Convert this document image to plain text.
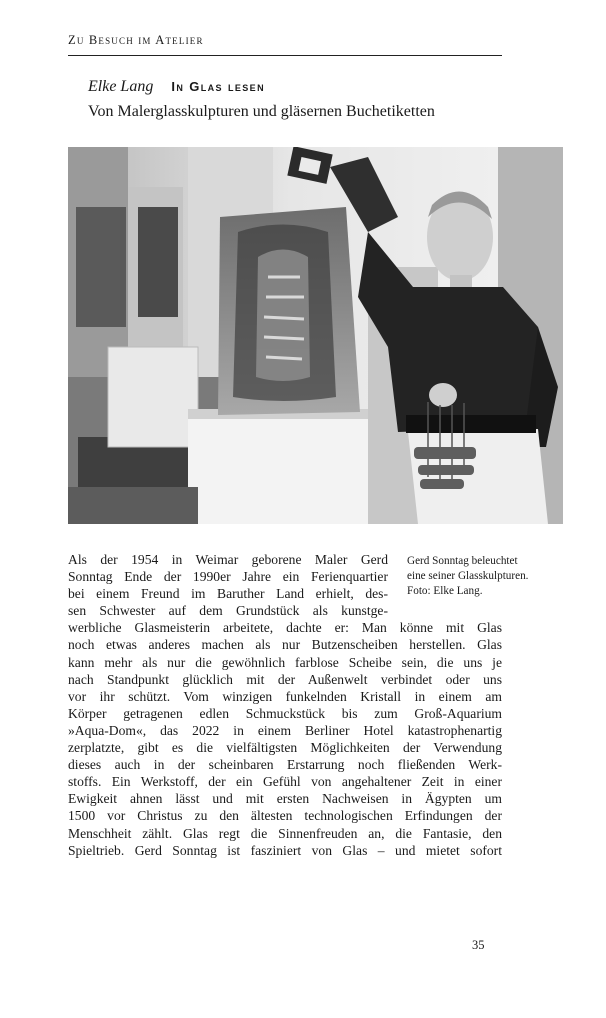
Zu Besuch im Atelier
Elke Lang In Glas lesen
Von Malerglasskulpturen und gläsernen Buchetiketten
Als der 1954 in Weimar geborene Maler Gerd
Sonntag Ende der 1990er Jahre ein Ferienquartier
bei einem Freund im Baruther Land erhielt, des-
sen Schwester auf dem Grundstück als kunstge-
werbliche Glasmeisterin arbeitete, dachte er: Man könne mit Glas
noch etwas anderes machen als nur Butzenscheiben herstellen. Glas
kann mehr als nur die gewöhnlich farblose Scheibe sein, die uns je
nach Standpunkt glücklich mit der Außenwelt verbindet oder uns
vor ihr schützt. Vom winzigen funkelnden Kristall in einem am
Körper getragenen edlen Schmuckstück bis zum Groß-Aquarium
»Aqua-Dom«, das 2022 in einem Berliner Hotel katastrophenartig
zerplatzte, gibt es die vielfältigsten Möglichkeiten der Verwendung
dieses auch in der scheinbaren Erstarrung noch fließenden Werk-
stoffs. Ein Werkstoff, der ein Gefühl von angehaltener Zeit in einer
Ewigkeit ahnen lässt und mit ersten Nachweisen in Ägypten um
1500 vor Christus zu den ältesten technologischen Erfindungen der
Menschheit zählt. Glas regt die Sinnenfreuden an, die Fantasie, den
Spieltrieb. Gerd Sonntag ist fasziniert von Glas – und mietet sofort
Gerd Sonntag beleuchtet
eine seiner Glasskulpturen.
Foto: Elke Lang.
35
